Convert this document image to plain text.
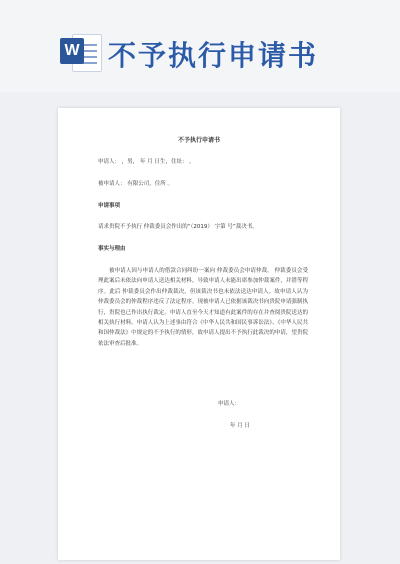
W 不予执行申请书
不予执行申请书
申请人： ，男， 年 月 日生，住址： 。
被申请人： 有限公司，住所 。
申请事项
请求贵院不予执行 仲裁委员会作出的“（2019） 字第 号”裁决书。
事实与理由
被申请人因与申请人的借款合同纠纷一案向 仲裁委员会申请仲裁。 仲裁委员会受理此案后未依法向申请人送达相关材料，导致申请人未能出席参加仲裁案件，并错等程序。此后 仲裁委员会作出仲裁裁决，但该裁决书也未依法送达申请人。故申请人认为 仲裁委员会的仲裁程序违反了法定程序。现被申请人已依据该裁决书向贵院申请强制执行，贵院也已作出执行裁定。申请人直至今天才知道有此案件的存在并查阅贵院送达的相关执行材料。申请人认为上述事由符合《中华人民共和国民事诉讼法》、《中华人民共和国仲裁法》中规定的不予执行的情形，故申请人提出不予执行此裁决的申请，望贵院依法审查后批准。
申请人：
年 月 日
